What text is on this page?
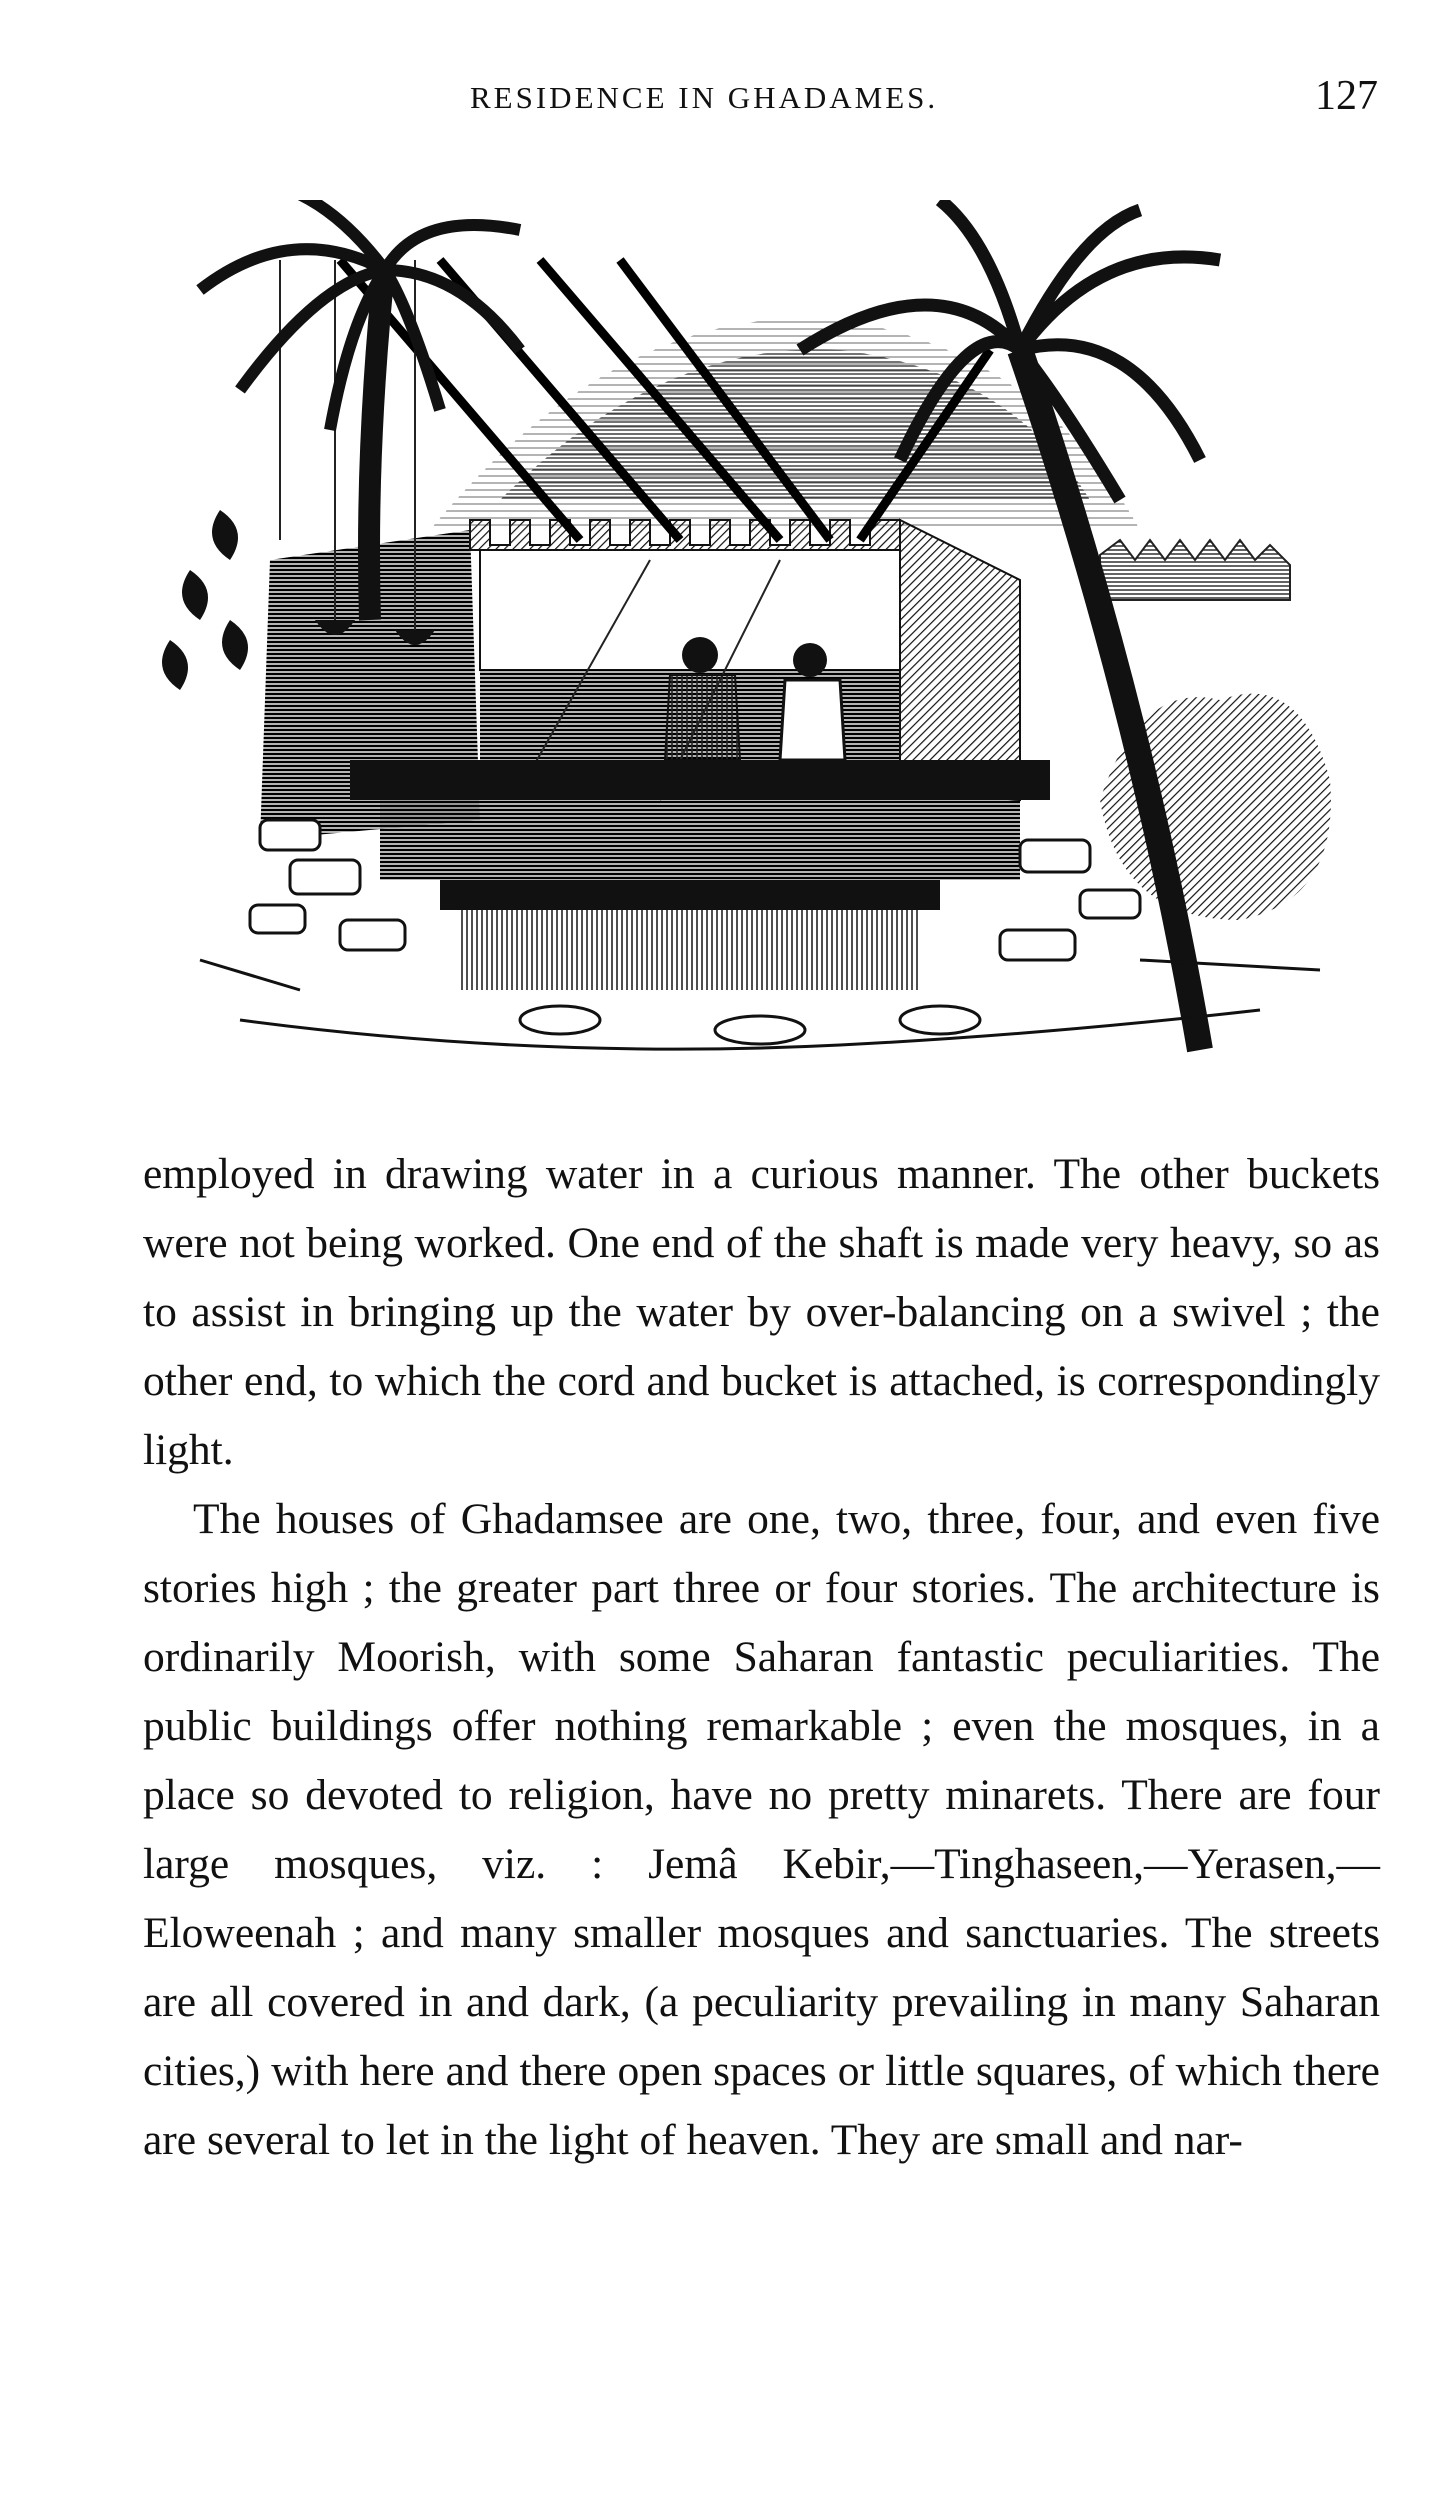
RESIDENCE IN GHADAMES.	127

employed in drawing water in a curious manner. The other buckets were not being worked. One end of the shaft is made very heavy, so as to assist in bringing up the water by over-balancing on a swivel ; the other end, to which the cord and bucket is attached, is correspondingly light.

The houses of Ghadamsee are one, two, three, four, and even five stories high ; the greater part three or four stories. The architecture is ordinarily Moorish, with some Saharan fantastic peculiarities. The public buildings offer nothing remarkable ; even the mosques, in a place so devoted to religion, have no pretty minarets. There are four large mosques, viz. : Jemâ Kebir,—Tinghaseen,—Yerasen,—Eloweenah ; and many smaller mosques and sanctuaries. The streets are all covered in and dark, (a peculiarity prevailing in many Saharan cities,) with here and there open spaces or little squares, of which there are several to let in the light of heaven. They are small and nar-
